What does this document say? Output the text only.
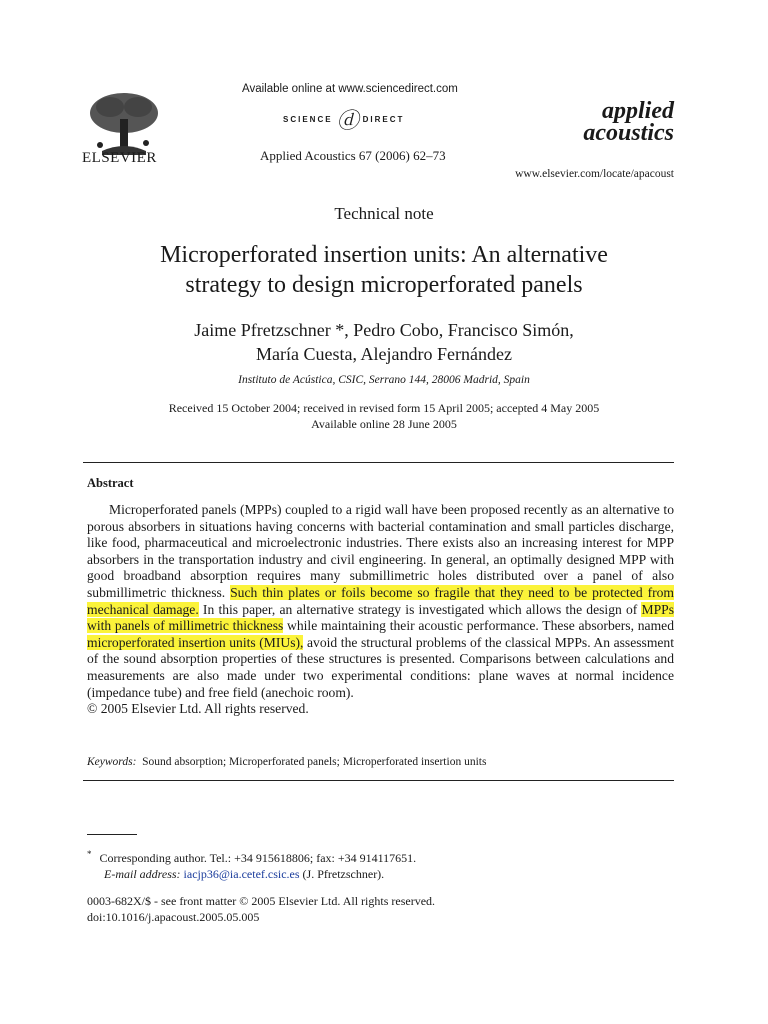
ELSEVIER
Available online at www.sciencedirect.com
SCIENCE ⓓ DIRECT
Applied Acoustics 67 (2006) 62–73
applied
acoustics
www.elsevier.com/locate/apacoust
Technical note
Microperforated insertion units: An alternative
strategy to design microperforated panels
Jaime Pfretzschner *, Pedro Cobo, Francisco Simón,
María Cuesta, Alejandro Fernández
Instituto de Acústica, CSIC, Serrano 144, 28006 Madrid, Spain
Received 15 October 2004; received in revised form 15 April 2005; accepted 4 May 2005
Available online 28 June 2005
Abstract

Microperforated panels (MPPs) coupled to a rigid wall have been proposed recently as an alternative to porous absorbers in situations having concerns with bacterial contamination and small particles discharge, like food, pharmaceutical and microelectronic industries. There exists also an increasing interest for MPP absorbers in the transportation industry and civil engineering. In general, an optimally designed MPP with good broadband absorption requires many submillimetric holes distributed over a panel of also submillimetric thickness. Such thin plates or foils become so fragile that they need to be protected from mechanical damage. In this paper, an alternative strategy is investigated which allows the design of MPPs with panels of millimetric thickness while maintaining their acoustic performance. These absorbers, named microperforated insertion units (MIUs), avoid the structural problems of the classical MPPs. An assessment of the sound absorption properties of these structures is presented. Comparisons between calculations and measurements are also made under two experimental conditions: plane waves at normal incidence (impedance tube) and free field (anechoic room).
© 2005 Elsevier Ltd. All rights reserved.

Keywords: Sound absorption; Microperforated panels; Microperforated insertion units
* Corresponding author. Tel.: +34 915618806; fax: +34 914117651.
E-mail address: iacjp36@ia.cetef.csic.es (J. Pfretzschner).
0003-682X/$ - see front matter © 2005 Elsevier Ltd. All rights reserved.
doi:10.1016/j.apacoust.2005.05.005
